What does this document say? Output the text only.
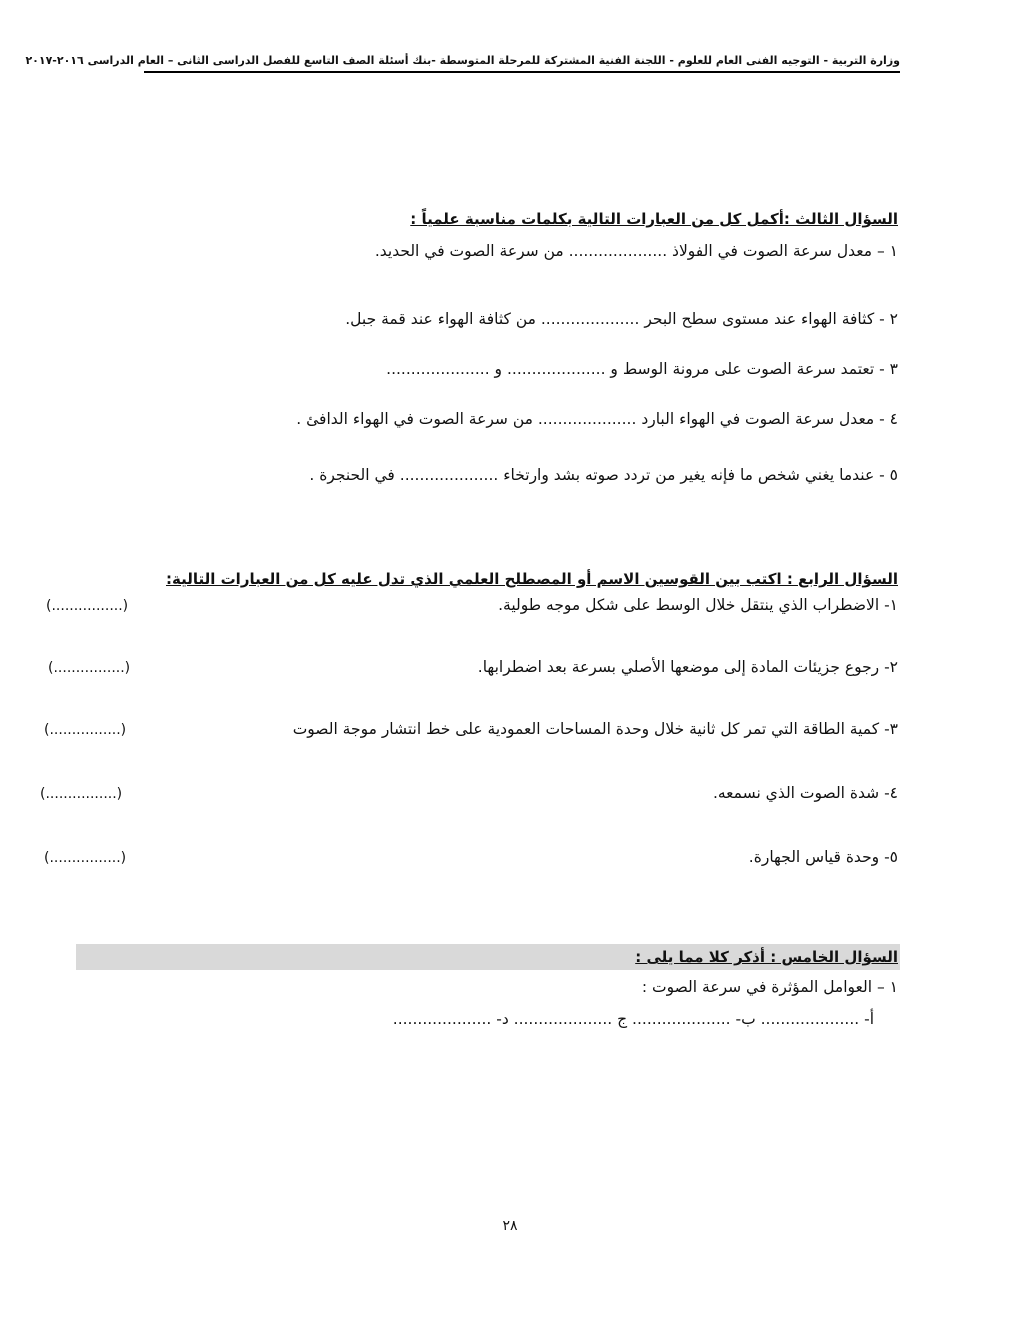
وزارة التربية - التوجيه الفنى العام للعلوم - اللجنة الفنية المشتركة للمرحلة المتوسطة -بنك أسئلة الصف التاسع للفصل الدراسى الثانى – العام الدراسى ٢٠١٦-٢٠١٧
السؤال الثالث :أكمل كل من العبارات التالية بكلمات مناسبة علمياً :
١ – معدل سرعة الصوت في الفولاذ .................... من سرعة الصوت في الحديد.
٢ - كثافة الهواء عند مستوى سطح البحر .................... من كثافة الهواء عند قمة جبل.
٣ - تعتمد سرعة الصوت على مرونة الوسط و .................... و .....................
٤ - معدل سرعة الصوت في الهواء البارد .................... من سرعة الصوت في الهواء الدافئ .
٥ - عندما يغني شخص ما فإنه يغير من تردد صوته بشد وارتخاء .................... في الحنجرة .
السؤال الرابع : اكتب بين القوسين الاسم أو المصطلح العلمي الذي تدل عليه كل من العبارات التالية:
١- الاضطراب الذي ينتقل خلال الوسط على شكل موجه طولية.
(................)
٢- رجوع جزيئات المادة إلى موضعها الأصلي بسرعة بعد اضطرابها.
(................)
٣- كمية الطاقة التي تمر كل ثانية خلال وحدة المساحات العمودية على خط انتشار موجة الصوت
(................)
٤- شدة الصوت الذي نسمعه.
(................)
٥- وحدة قياس الجهارة.
(................)
السؤال الخامس : أذكر كلا مما يلى :
١ – العوامل المؤثرة في سرعة الصوت :
أ- .................... ب- .................... ج .................... د- ....................
٢٨
